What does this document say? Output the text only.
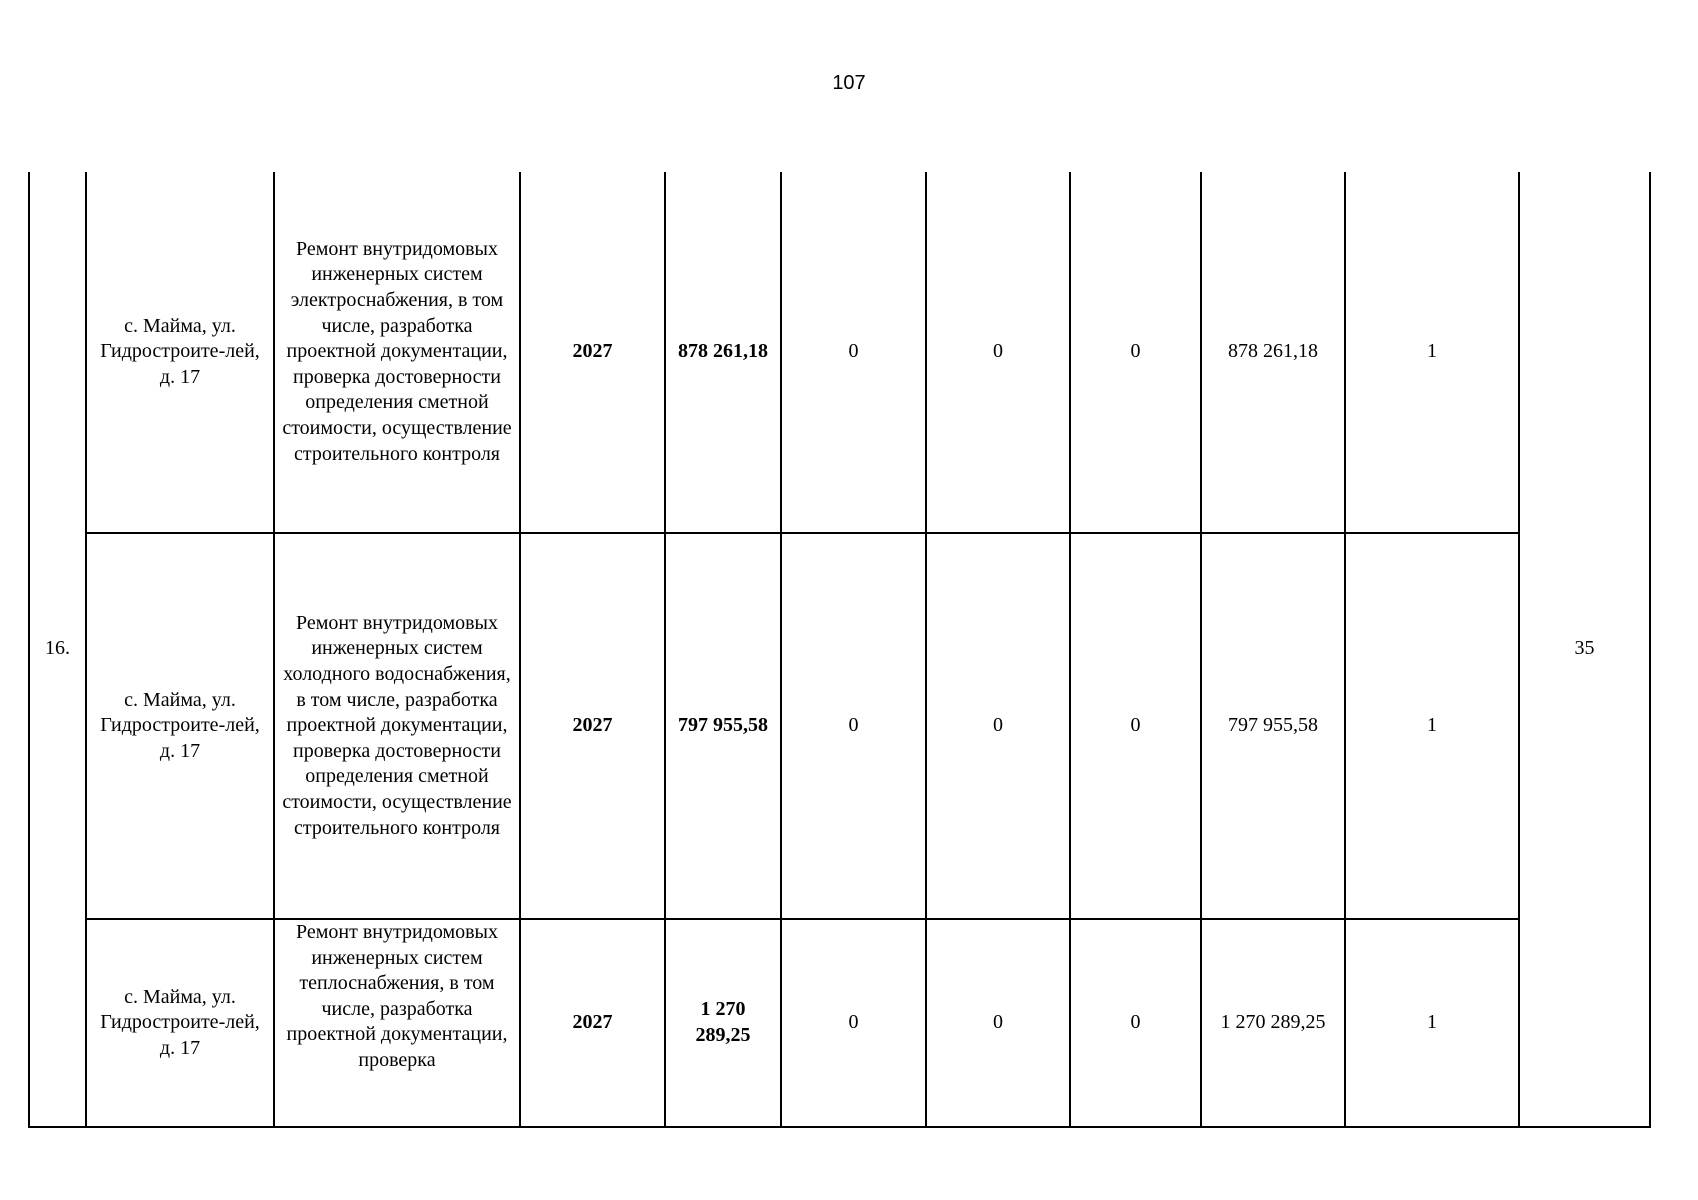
107
16.	с. Майма, ул. Гидростроите-лей, д. 17	Ремонт внутридомовых инженерных систем электроснабжения, в том числе, разработка проектной документации, проверка достоверности определения сметной стоимости, осуществление строительного контроля	2027	878 261,18	0	0	0	878 261,18	1	35
	с. Майма, ул. Гидростроите-лей, д. 17	Ремонт внутридомовых инженерных систем холодного водоснабжения, в том числе, разработка проектной документации, проверка достоверности определения сметной стоимости, осуществление строительного контроля	2027	797 955,58	0	0	0	797 955,58	1	
	с. Майма, ул. Гидростроите-лей, д. 17	Ремонт внутридомовых инженерных систем теплоснабжения, в том числе, разработка проектной документации, проверка	2027	1 270 289,25	0	0	0	1 270 289,25	1	
